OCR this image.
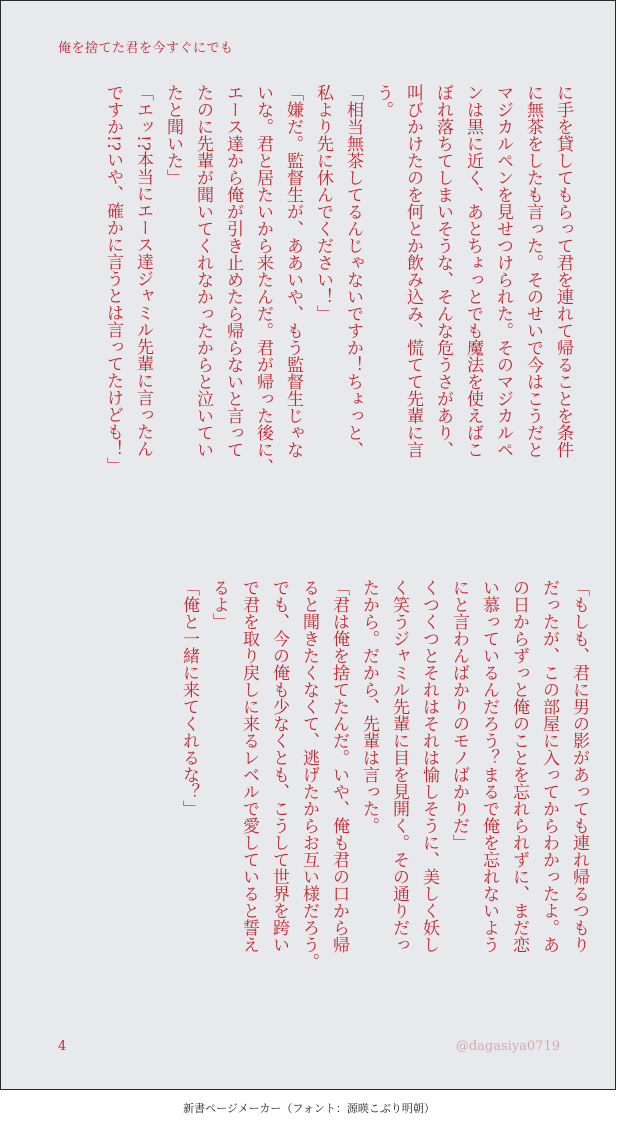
俺を捨てた君を今すぐにでも

に手を貸してもらって君を連れて帰ることを条件

に無茶をしたも言った。そのせいで今はこうだと

マジカルペンを見せつけられた。そのマジカルペ

ンは黒に近く、あとちょっとでも魔法を使えばこ

ぼれ落ちてしまいそうな、そんな危うさがあり、

叫びかけたのを何とか飲み込み、慌てて先輩に言

う。

「相当無茶してるんじゃないですか！ちょっと、

私より先に休んでください！」

「嫌だ。監督生が、ああいや、もう監督生じゃな

いな。君と居たいから来たんだ。君が帰った後に、

エース達から俺が引き止めたら帰らないと言って

たのに先輩が聞いてくれなかったからと泣いてい

たと聞いた」

「エッ!?本当にエース達ジャミル先輩に言ったん

ですか!?いや、確かに言うとは言ってたけども！」

「もしも、君に男の影があっても連れ帰るつもり

だったが、この部屋に入ってからわかったよ。あ

の日からずっと俺のことを忘れられずに、まだ恋

い慕っているんだろう？まるで俺を忘れないよう

にと言わんばかりのモノばかりだ」

くつくつとそれはそれは愉しそうに、美しく妖し

く笑うジャミル先輩に目を見開く。その通りだっ

たから。だから、先輩は言った。

「君は俺を捨てたんだ。いや、俺も君の口から帰

ると聞きたくなくて、逃げたからお互い様だろう。

でも、今の俺も少なくとも、こうして世界を跨い

で君を取り戻しに来るレベルで愛していると誓え

るよ」

「俺と一緒に来てくれるな？」

4	@dagasiya0719
新書ページメーカー（フォント：源暎こぶり明朝）
